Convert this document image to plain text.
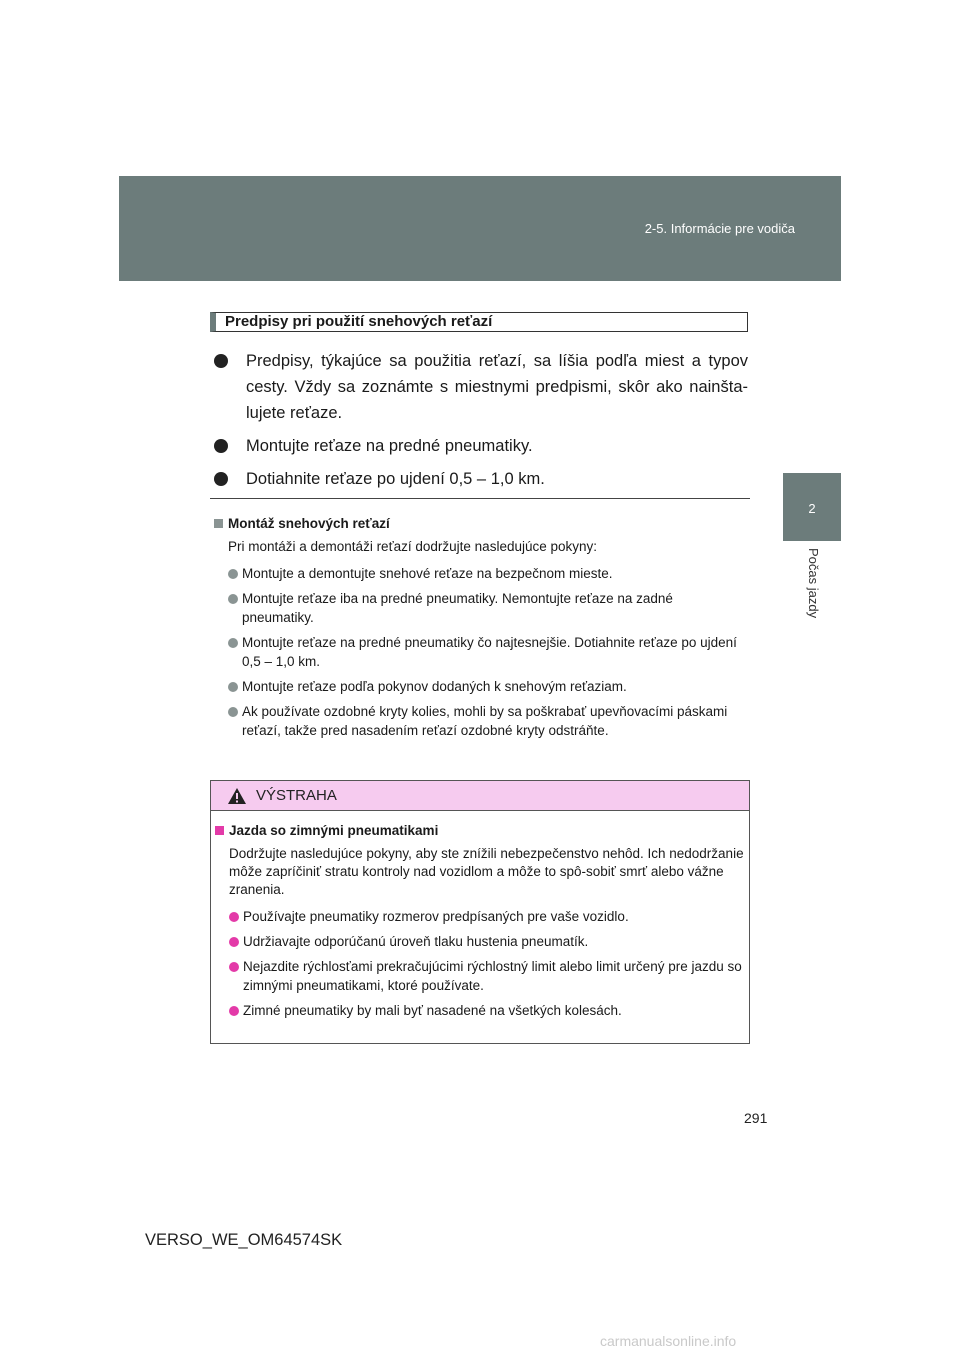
2-5. Informácie pre vodiča
2
Počas jazdy
Predpisy pri použití snehových reťazí
Predpisy, týkajúce sa použitia reťazí, sa líšia podľa miest a typov cesty. Vždy sa zoznámte s miestnymi predpismi, skôr ako nainšta-lujete reťaze.
Montujte reťaze na predné pneumatiky.
Dotiahnite reťaze po ujdení 0,5 – 1,0 km.
Montáž snehových reťazí
Pri montáži a demontáži reťazí dodržujte nasledujúce pokyny:
Montujte a demontujte snehové reťaze na bezpečnom mieste.
Montujte reťaze iba na predné pneumatiky. Nemontujte reťaze na zadné pneumatiky.
Montujte reťaze na predné pneumatiky čo najtesnejšie. Dotiahnite reťaze po ujdení 0,5 – 1,0 km.
Montujte reťaze podľa pokynov dodaných k snehovým reťaziam.
Ak používate ozdobné kryty kolies, mohli by sa poškrabať upevňovacími páskami reťazí, takže pred nasadením reťazí ozdobné kryty odstráňte.
VÝSTRAHA
Jazda so zimnými pneumatikami
Dodržujte nasledujúce pokyny, aby ste znížili nebezpečenstvo nehôd. Ich nedodržanie môže zapríčiniť stratu kontroly nad vozidlom a môže to spô-sobiť smrť alebo vážne zranenia.
Používajte pneumatiky rozmerov predpísaných pre vaše vozidlo.
Udržiavajte odporúčanú úroveň tlaku hustenia pneumatík.
Nejazdite rýchlosťami prekračujúcimi rýchlostný limit alebo limit určený pre jazdu so zimnými pneumatikami, ktoré používate.
Zimné pneumatiky by mali byť nasadené na všetkých kolesách.
291
VERSO_WE_OM64574SK
carmanualsonline.info
